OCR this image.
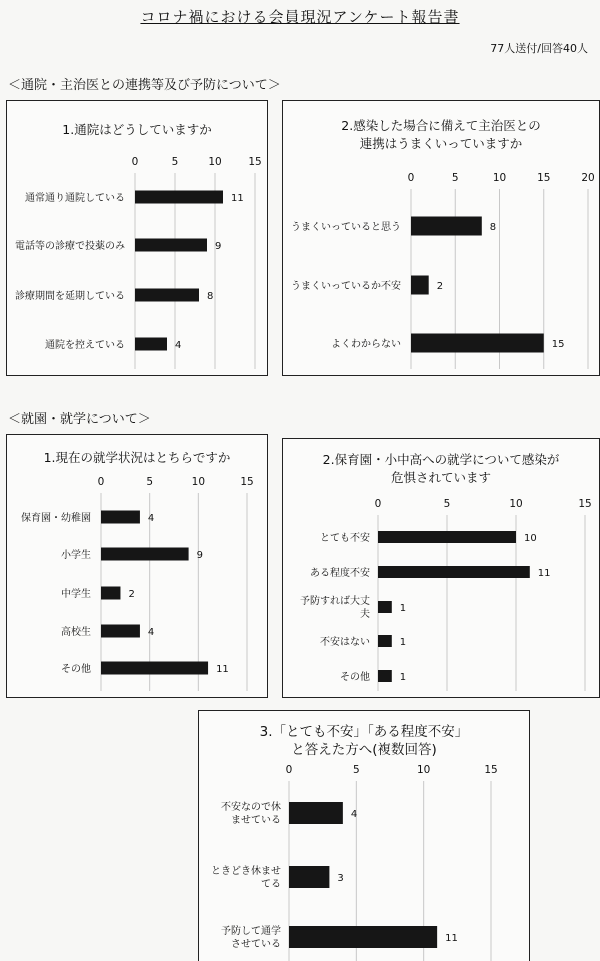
コロナ禍における会員現況アンケート報告書
77人送付/回答40人
＜通院・主治医との連携等及び予防について＞
1.通院はどうしていますか
0	5	10	15
11
通常通り通院している
9
電話等の診療で投薬のみ
8
診療期間を延期している
4
通院を控えている
2.感染した場合に備えて主治医との
連携はうまくいっていますか
0	5	10	15	20
8
うまくいっていると思う
2
うまくいっているか不安
15
よくわからない
＜就園・就学について＞
1.現在の就学状況はとちらですか
0	5	10	15
4
保育園・幼稚園
9
小学生
2
中学生
4
高校生
11
その他
2.保育園・小中高への就学について感染が
危惧されています
0	5	10	15
10
とても不安
11
ある程度不安
1
予防すれば大丈
夫
1
不安はない
1
その他
3.「とても不安」「ある程度不安」
と答えた方へ(複数回答)
0	5	10	15
4
不安なので休
ませている
3
ときどき休ませ
てる
11
予防して通学
させている
